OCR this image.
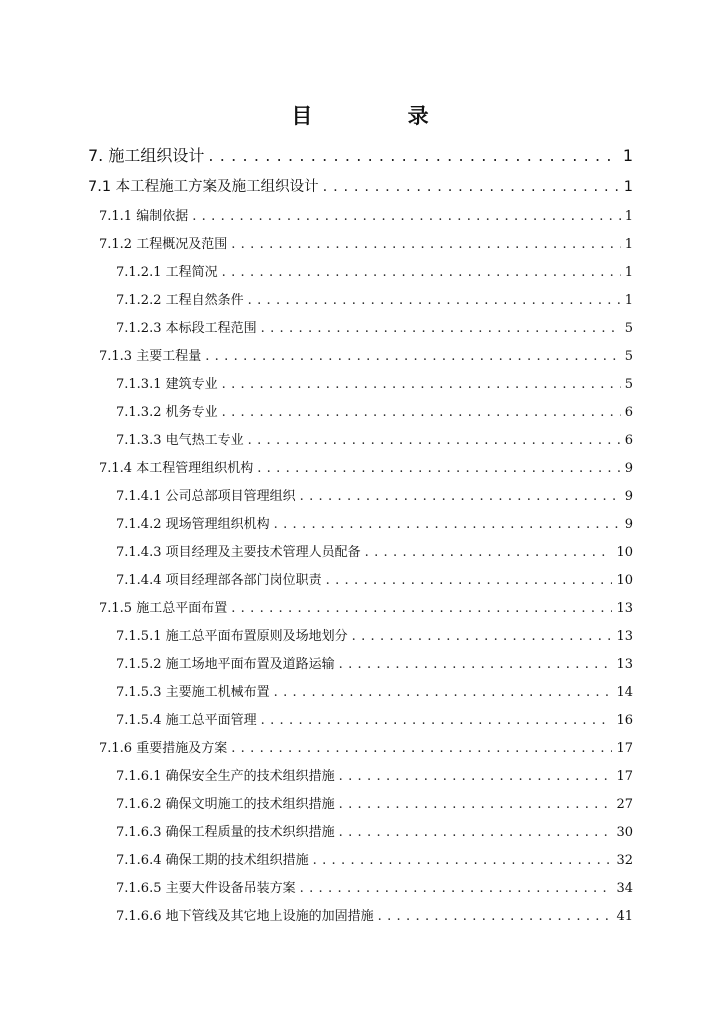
目 录
7. 施工组织设计 . . .	1
7.1 本工程施工方案及施工组织设计 . . .	1
7.1.1 编制依据 . . .	1
7.1.2 工程概况及范围 . . .	1
7.1.2.1 工程简况 . . .	1
7.1.2.2 工程自然条件 . . .	1
7.1.2.3 本标段工程范围 . . .	5
7.1.3 主要工程量 . . .	5
7.1.3.1 建筑专业 . . .	5
7.1.3.2 机务专业 . . .	6
7.1.3.3 电气热工专业 . . .	6
7.1.4 本工程管理组织机构 . . .	9
7.1.4.1 公司总部项目管理组织 . . .	9
7.1.4.2 现场管理组织机构 . . .	9
7.1.4.3 项目经理及主要技术管理人员配备 . . .	10
7.1.4.4 项目经理部各部门岗位职责 . . .	10
7.1.5 施工总平面布置 . . .	13
7.1.5.1 施工总平面布置原则及场地划分 . . .	13
7.1.5.2 施工场地平面布置及道路运输 . . .	13
7.1.5.3 主要施工机械布置 . . .	14
7.1.5.4 施工总平面管理 . . .	16
7.1.6 重要措施及方案 . . .	17
7.1.6.1 确保安全生产的技术组织措施 . . .	17
7.1.6.2 确保文明施工的技术组织措施 . . .	27
7.1.6.3 确保工程质量的技术织织措施 . . .	30
7.1.6.4 确保工期的技术组织措施 . . .	32
7.1.6.5 主要大件设备吊装方案 . . .	34
7.1.6.6 地下管线及其它地上设施的加固措施 . . .	41
